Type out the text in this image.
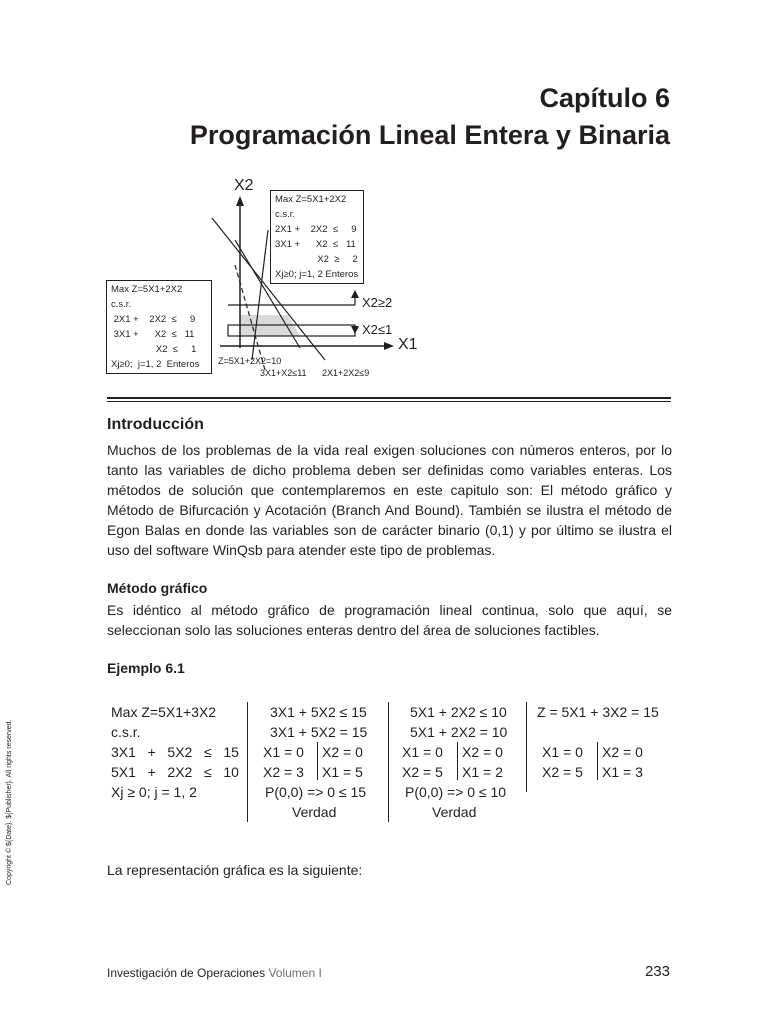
Capítulo 6
Programación Lineal Entera y Binaria
X2
X1
X2≥2
X2≤1
Z=5X1+2X2=10
3X1+X2≤11 2X1+2X2≤9
Max Z=5X1+2X2
c.s.r.
2X1 +    2X2  ≤     9
3X1 +      X2  ≤   11
X2  ≥     2
Xj≥0; j=1, 2 Enteros
Max Z=5X1+2X2
c.s.r.
2X1 +    2X2  ≤     9
3X1 +      X2  ≤   11
X2  ≤     1
Xj≥0;  j=1, 2  Enteros
Introducción
Muchos de los problemas de la vida real exigen soluciones con números enteros, por lo tanto las variables de dicho problema deben ser definidas como variables enteras. Los métodos de solución que contemplaremos en este capitulo son: El método gráfico y Método de Bifurcación y Acotación (Branch And Bound). También se ilustra el método de Egon Balas en donde las variables son de carácter binario (0,1) y por último se ilustra el uso del software WinQsb para atender este tipo de problemas.
Método gráfico
Es idéntico al método gráfico de programación lineal continua, solo que aquí, se seleccionan solo las soluciones enteras dentro del área de soluciones factibles.
Ejemplo 6.1
Max Z=5X1+3X2
c.s.r.
3X1   +   5X2   ≤   15
5X1   +   2X2   ≤   10
Xj ≥ 0; j = 1, 2
3X1 + 5X2 ≤ 15
3X1 + 5X2 = 15
X1 = 0 X2 = 0
X2 = 3 X1 = 5
P(0,0) => 0 ≤ 15
Verdad
5X1 + 2X2 ≤ 10
5X1 + 2X2 = 10
X1 = 0 X2 = 0
X2 = 5 X1 = 2
P(0,0) => 0 ≤ 10
Verdad
Z = 5X1 + 3X2 = 15
X1 = 0 X2 = 0
X2 = 5 X1 = 3
La representación gráfica es la siguiente:
Investigación de Operaciones Volumen I	233
Copyright © ${Date}. ${Publisher}. All rights reserved.
